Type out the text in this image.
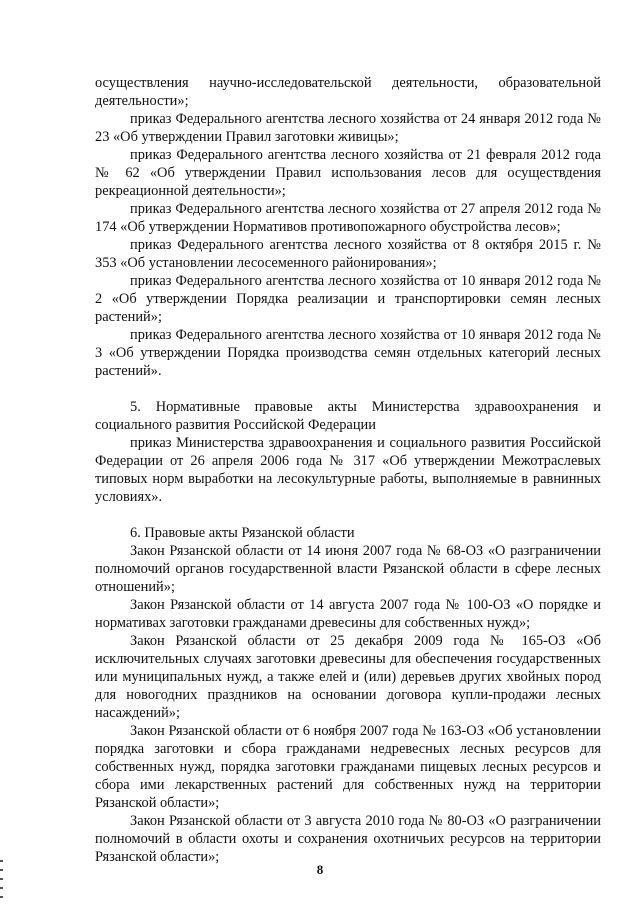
осуществления научно-исследовательской деятельности, образовательной деятельности»;
приказ Федерального агентства лесного хозяйства от 24 января 2012 года № 23 «Об утверждении Правил заготовки живицы»;
приказ Федерального агентства лесного хозяйства от 21 февраля 2012 года № 62 «Об утверждении Правил использования лесов для осуществдения рекреационной деятельности»;
приказ Федерального агентства лесного хозяйства от 27 апреля 2012 года № 174 «Об утверждении Нормативов противопожарного обустройства лесов»;
приказ Федерального агентства лесного хозяйства от 8 октября 2015 г. № 353 «Об установлении лесосеменного районирования»;
приказ Федерального агентства лесного хозяйства от 10 января 2012 года № 2 «Об утверждении Порядка реализации и транспортировки семян лесных растений»;
приказ Федерального агентства лесного хозяйства от 10 января 2012 года № 3 «Об утверждении Порядка производства семян отдельных категорий лесных растений».
5. Нормативные правовые акты Министерства здравоохранения и социального развития Российской Федерации
приказ Министерства здравоохранения и социального развития Российской Федерации от 26 апреля 2006 года № 317 «Об утверждении Межотраслевых типовых норм выработки на лесокультурные работы, выполняемые в равнинных условиях».
6. Правовые акты Рязанской области
Закон Рязанской области от 14 июня 2007 года № 68-ОЗ «О разграничении полномочий органов государственной власти Рязанской области в сфере лесных отношений»;
Закон Рязанской области от 14 августа 2007 года № 100-ОЗ «О порядке и нормативах заготовки гражданами древесины для собственных нужд»;
Закон Рязанской области от 25 декабря 2009 года № 165-ОЗ «Об исключительных случаях заготовки древесины для обеспечения государственных или муниципальных нужд, а также елей и (или) деревьев других хвойных пород для новогодних праздников на основании договора купли-продажи лесных насаждений»;
Закон Рязанской области от 6 ноября 2007 года № 163-ОЗ «Об установлении порядка заготовки и сбора гражданами недревесных лесных ресурсов для собственных нужд, порядка заготовки гражданами пищевых лесных ресурсов и сбора ими лекарственных растений для собственных нужд на территории Рязанской области»;
Закон Рязанской области от 3 августа 2010 года № 80-ОЗ «О разграничении полномочий в области охоты и сохранения охотничьих ресурсов на территории Рязанской области»;
8
